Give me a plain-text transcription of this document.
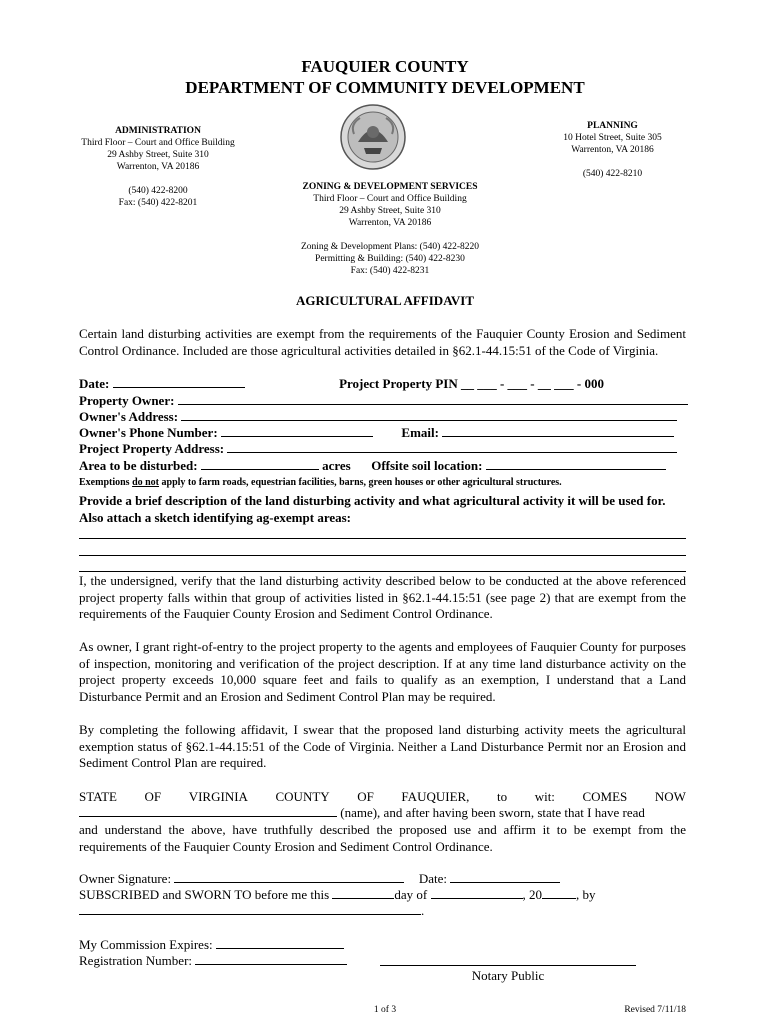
FAUQUIER COUNTY
DEPARTMENT OF COMMUNITY DEVELOPMENT
ADMINISTRATION
Third Floor – Court and Office Building
29 Ashby Street, Suite 310
Warrenton, VA 20186
(540) 422-8200
Fax: (540) 422-8201
PLANNING
10 Hotel Street, Suite 305
Warrenton, VA 20186
(540) 422-8210
ZONING & DEVELOPMENT SERVICES
Third Floor – Court and Office Building
29 Ashby Street, Suite 310
Warrenton, VA 20186
Zoning & Development Plans: (540) 422-8220
Permitting & Building: (540) 422-8230
Fax: (540) 422-8231
AGRICULTURAL AFFIDAVIT
Certain land disturbing activities are exempt from the requirements of the Fauquier County Erosion and Sediment Control Ordinance. Included are those agricultural activities detailed in §62.1-44.15:51 of the Code of Virginia.
Date:	Project Property PIN __ ___ - ___ - __ ___ - 000
Property Owner:
Owner's Address:
Owner's Phone Number:	Email:
Project Property Address:
Area to be disturbed:	acres Offsite soil location:
Exemptions do not apply to farm roads, equestrian facilities, barns, green houses or other agricultural structures.
Provide a brief description of the land disturbing activity and what agricultural activity it will be used for. Also attach a sketch identifying ag-exempt areas:
I, the undersigned, verify that the land disturbing activity described below to be conducted at the above referenced project property falls within that group of activities listed in §62.1-44.15:51 (see page 2) that are exempt from the requirements of the Fauquier County Erosion and Sediment Control Ordinance.
As owner, I grant right-of-entry to the project property to the agents and employees of Fauquier County for purposes of inspection, monitoring and verification of the project description. If at any time land disturbance activity on the project property exceeds 10,000 square feet and fails to qualify as an exemption, I understand that a Land Disturbance Permit and an Erosion and Sediment Control Plan may be required.
By completing the following affidavit, I swear that the proposed land disturbing activity meets the agricultural exemption status of §62.1-44.15:51 of the Code of Virginia. Neither a Land Disturbance Permit nor an Erosion and Sediment Control Plan are required.
STATE OF VIRGINIA COUNTY OF FAUQUIER, to wit: COMES NOW
(name), and after having been sworn, state that I have read
and understand the above, have truthfully described the proposed use and affirm it to be exempt from the requirements of the Fauquier County Erosion and Sediment Control Ordinance.
Owner Signature:	Date:
SUBSCRIBED and SWORN TO before me this	day of	, 20	, by
.
My Commission Expires:
Registration Number:
Notary Public
1 of 3	Revised 7/11/18
